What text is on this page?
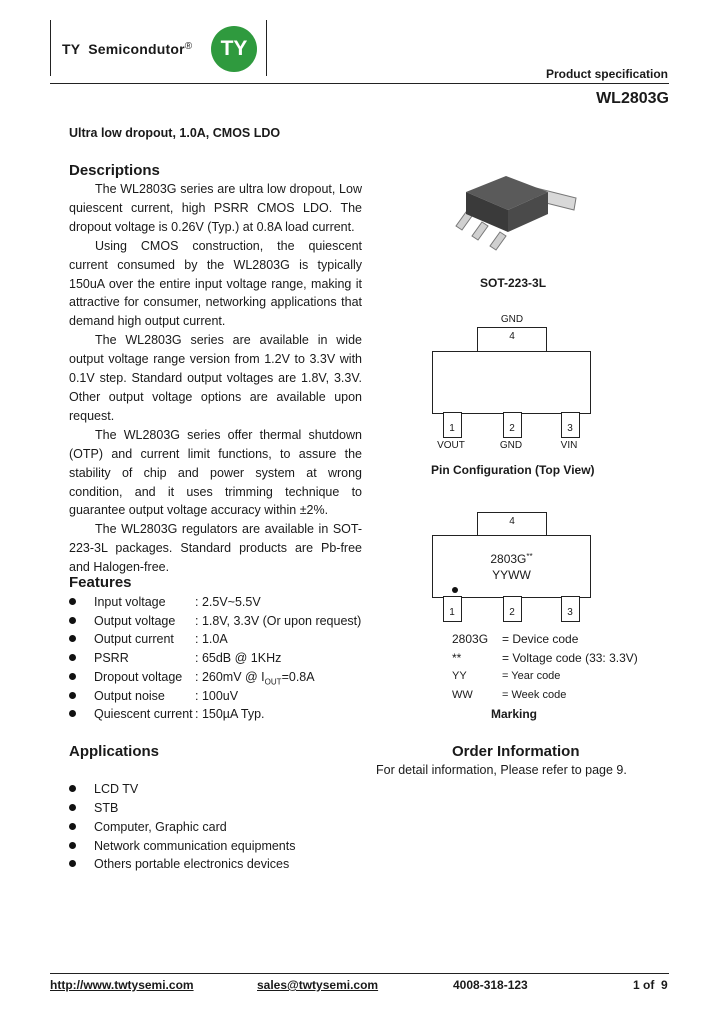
TY  Semicondutor®	TY
Product specification
WL2803G
Ultra low dropout, 1.0A, CMOS LDO
Descriptions

The WL2803G series are ultra low dropout, Low quiescent current, high PSRR CMOS LDO. The dropout voltage is 0.26V (Typ.) at 0.8A load current.

Using CMOS construction, the quiescent current consumed by the WL2803G is typically 150uA over the entire input voltage range, making it attractive for consumer, networking applications that demand high output current.

The WL2803G series are available in wide output voltage range version from 1.2V to 3.3V with 0.1V step. Standard output voltages are 1.8V, 3.3V. Other output voltage options are available upon request.

The WL2803G series offer thermal shutdown (OTP) and current limit functions, to assure the stability of chip and power system at wrong condition, and it uses trimming technique to guarantee output voltage accuracy within ±2%.

The WL2803G regulators are available in SOT-223-3L packages. Standard products are Pb-free and Halogen-free.

SOT-223-3L
GND
4
1	2	3
VOUT	GND	VIN
Pin Configuration (Top View)
4
2803G**
YYWW
1	2	3
2803G = Device code
**	= Voltage code (33: 3.3V)
YY	= Year code
WW	= Week code
Marking
Features
Input voltage : 2.5V~5.5V
Output voltage : 1.8V, 3.3V (Or upon request)
Output current : 1.0A
PSRR	: 65dB @ 1KHz
Dropout voltage : 260mV @ $I_{OUT}=0.8A$
Output noise : 100uV
Quiescent current : 150µA Typ.
Applications
LCD TV
STB
Computer, Graphic card
Network communication equipments
Others portable electronics devices
Order Information
For detail information, Please refer to page 9.
http://www.twtysemi.com	sales@twtysemi.com	4008-318-123	1 of  9
